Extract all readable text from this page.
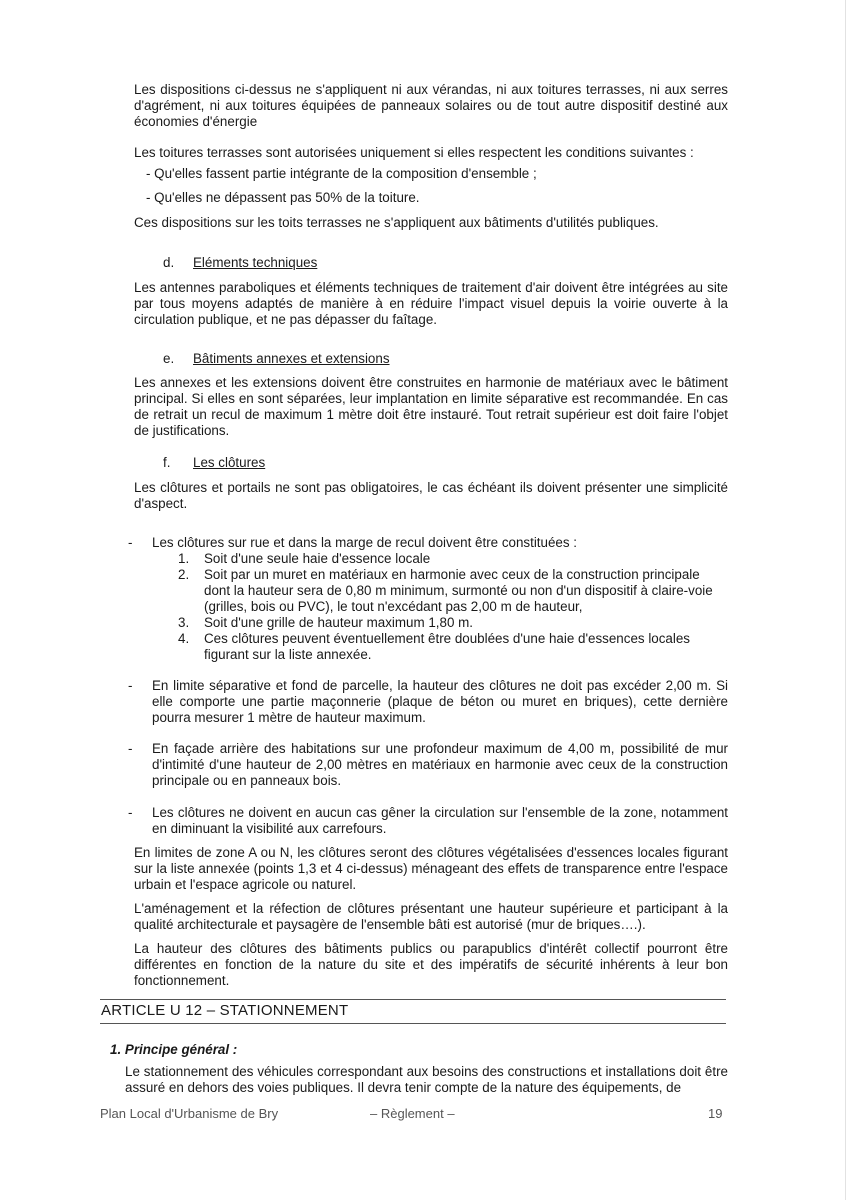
Les dispositions ci-dessus ne s'appliquent ni aux vérandas, ni aux toitures terrasses, ni aux serres d'agrément, ni aux toitures équipées de panneaux solaires ou de tout autre dispositif destiné aux économies d'énergie

Les toitures terrasses sont autorisées uniquement si elles respectent les conditions suivantes :

- Qu'elles fassent partie intégrante de la composition d'ensemble ;

- Qu'elles ne dépassent pas 50% de la toiture.

Ces dispositions sur les toits terrasses ne s'appliquent aux bâtiments d'utilités publiques.

d. Eléments techniques

Les antennes paraboliques et éléments techniques de traitement d'air doivent être intégrées au site par tous moyens adaptés de manière à en réduire l'impact visuel depuis la voirie ouverte à la circulation publique, et ne pas dépasser du faîtage.

e. Bâtiments annexes et extensions

Les annexes et les extensions doivent être construites en harmonie de matériaux avec le bâtiment principal. Si elles en sont séparées, leur implantation en limite séparative est recommandée. En cas de retrait un recul de maximum 1 mètre doit être instauré. Tout retrait supérieur est doit faire l'objet de justifications.

f. Les clôtures

Les clôtures et portails ne sont pas obligatoires, le cas échéant ils doivent présenter une simplicité d'aspect.

- Les clôtures sur rue et dans la marge de recul doivent être constituées :

1. Soit d'une seule haie d'essence locale
2. Soit par un muret en matériaux en harmonie avec ceux de la construction principale dont la hauteur sera de 0,80 m minimum, surmonté ou non d'un dispositif à claire-voie (grilles, bois ou PVC), le tout n'excédant pas 2,00 m de hauteur,
3. Soit d'une grille de hauteur maximum 1,80 m.
4. Ces clôtures peuvent éventuellement être doublées d'une haie d'essences locales figurant sur la liste annexée.
- En limite séparative et fond de parcelle, la hauteur des clôtures ne doit pas excéder 2,00 m. Si elle comporte une partie maçonnerie (plaque de béton ou muret en briques), cette dernière pourra mesurer 1 mètre de hauteur maximum.

- En façade arrière des habitations sur une profondeur maximum de 4,00 m, possibilité de mur d'intimité d'une hauteur de 2,00 mètres en matériaux en harmonie avec ceux de la construction principale ou en panneaux bois.

- Les clôtures ne doivent en aucun cas gêner la circulation sur l'ensemble de la zone, notamment en diminuant la visibilité aux carrefours.

En limites de zone A ou N, les clôtures seront des clôtures végétalisées d'essences locales figurant sur la liste annexée (points 1,3 et 4 ci-dessus) ménageant des effets de transparence entre l'espace urbain et l'espace agricole ou naturel.

L'aménagement et la réfection de clôtures présentant une hauteur supérieure et participant à la qualité architecturale et paysagère de l'ensemble bâti est autorisé (mur de briques….).

La hauteur des clôtures des bâtiments publics ou parapublics d'intérêt collectif pourront être différentes en fonction de la nature du site et des impératifs de sécurité inhérents à leur bon fonctionnement.

ARTICLE U 12 – STATIONNEMENT
1. Principe général :

Le stationnement des véhicules correspondant aux besoins des constructions et installations doit être assuré en dehors des voies publiques. Il devra tenir compte de la nature des équipements, de

Plan Local d'Urbanisme de Bry	– Règlement –	19
